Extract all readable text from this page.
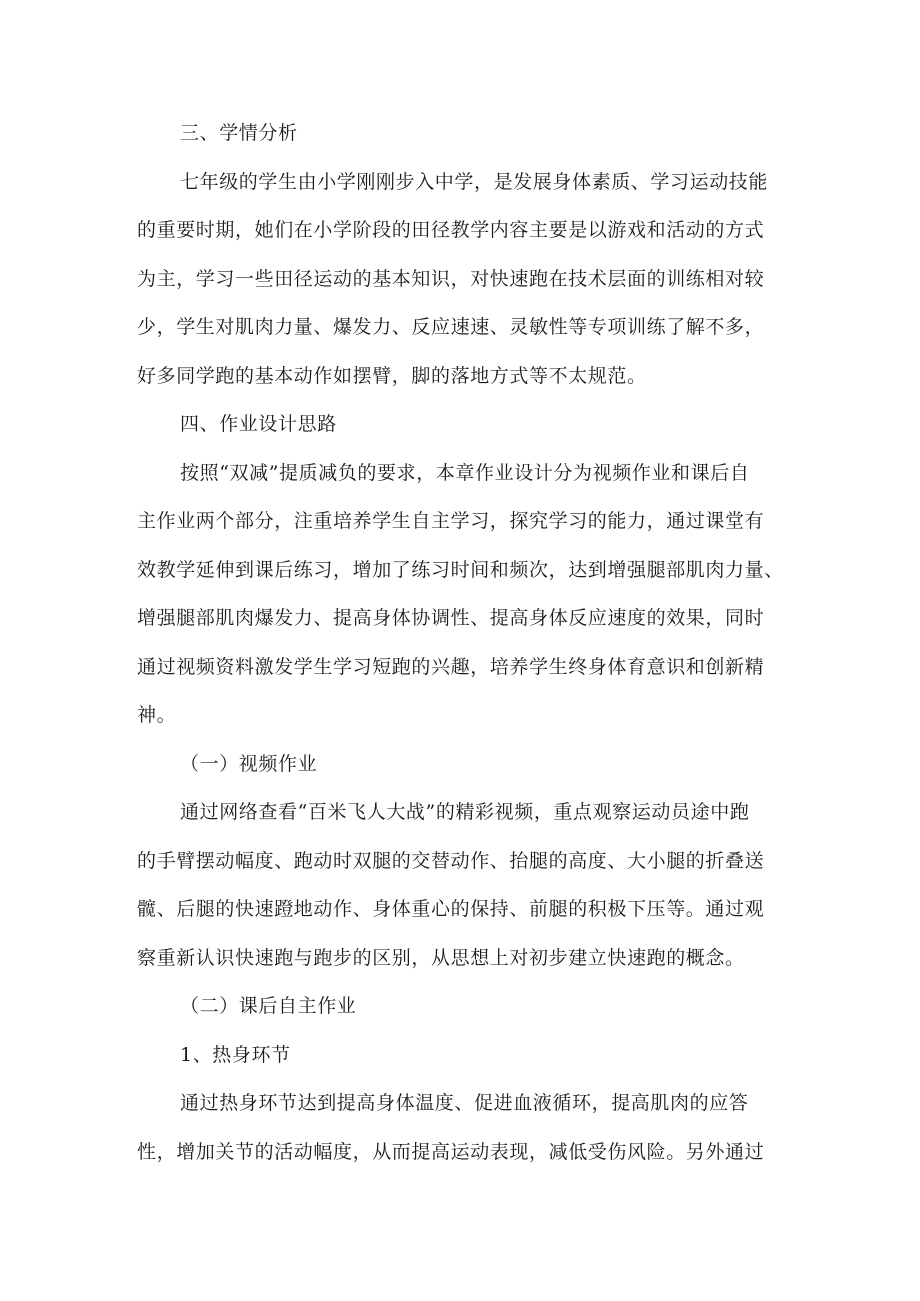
三、学情分析
七年级的学生由小学刚刚步入中学，是发展身体素质、学习运动技能
的重要时期，她们在小学阶段的田径教学内容主要是以游戏和活动的方式
为主，学习一些田径运动的基本知识，对快速跑在技术层面的训练相对较
少，学生对肌肉力量、爆发力、反应速速、灵敏性等专项训练了解不多，
好多同学跑的基本动作如摆臂，脚的落地方式等不太规范。
四、作业设计思路
按照“双减”提质减负的要求，本章作业设计分为视频作业和课后自
主作业两个部分，注重培养学生自主学习，探究学习的能力，通过课堂有
效教学延伸到课后练习，增加了练习时间和频次，达到增强腿部肌肉力量、
增强腿部肌肉爆发力、提高身体协调性、提高身体反应速度的效果，同时
通过视频资料激发学生学习短跑的兴趣，培养学生终身体育意识和创新精
神。
（一）视频作业
通过网络查看“百米飞人大战”的精彩视频，重点观察运动员途中跑
的手臂摆动幅度、跑动时双腿的交替动作、抬腿的高度、大小腿的折叠送
髋、后腿的快速蹬地动作、身体重心的保持、前腿的积极下压等。通过观
察重新认识快速跑与跑步的区别，从思想上对初步建立快速跑的概念。
（二）课后自主作业
1、热身环节
通过热身环节达到提高身体温度、促进血液循环，提高肌肉的应答
性，增加关节的活动幅度，从而提高运动表现，减低受伤风险。另外通过
